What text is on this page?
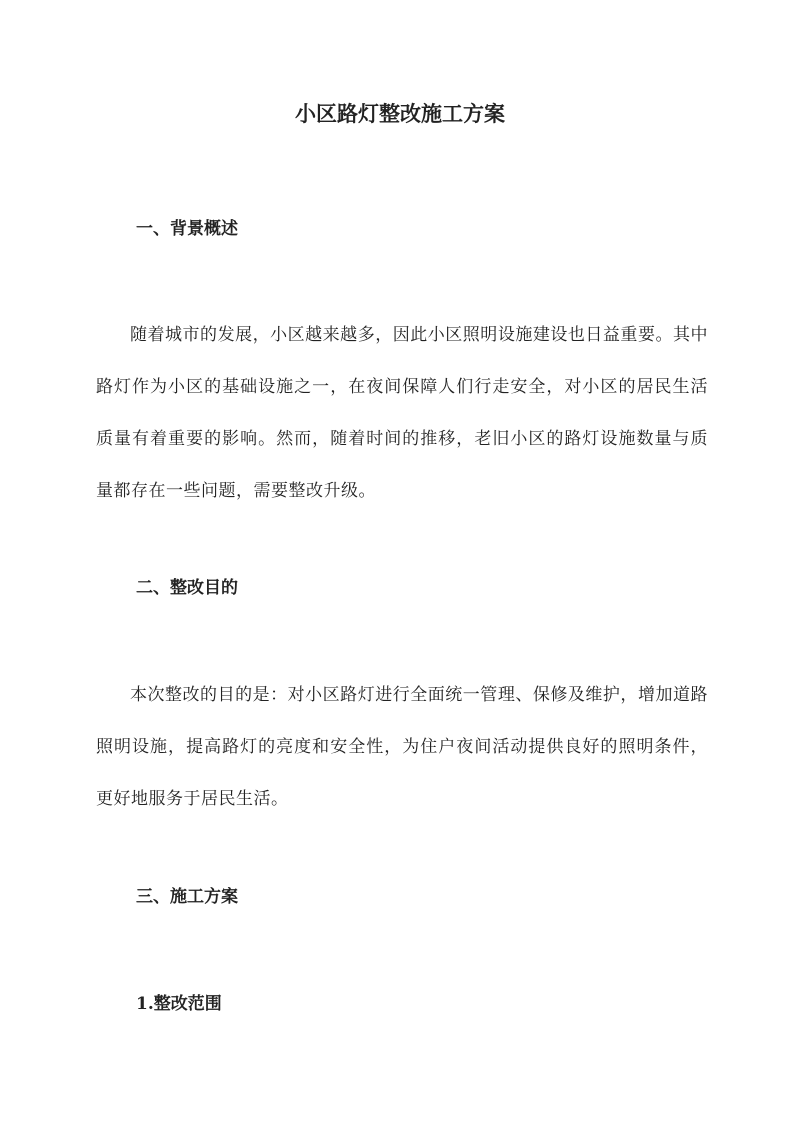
小区路灯整改施工方案
一、背景概述

随着城市的发展，小区越来越多，因此小区照明设施建设也日益重要。其中路灯作为小区的基础设施之一，在夜间保障人们行走安全，对小区的居民生活质量有着重要的影响。然而，随着时间的推移，老旧小区的路灯设施数量与质量都存在一些问题，需要整改升级。

二、整改目的

本次整改的目的是：对小区路灯进行全面统一管理、保修及维护，增加道路照明设施，提高路灯的亮度和安全性，为住户夜间活动提供良好的照明条件，更好地服务于居民生活。

三、施工方案
1.整改范围
